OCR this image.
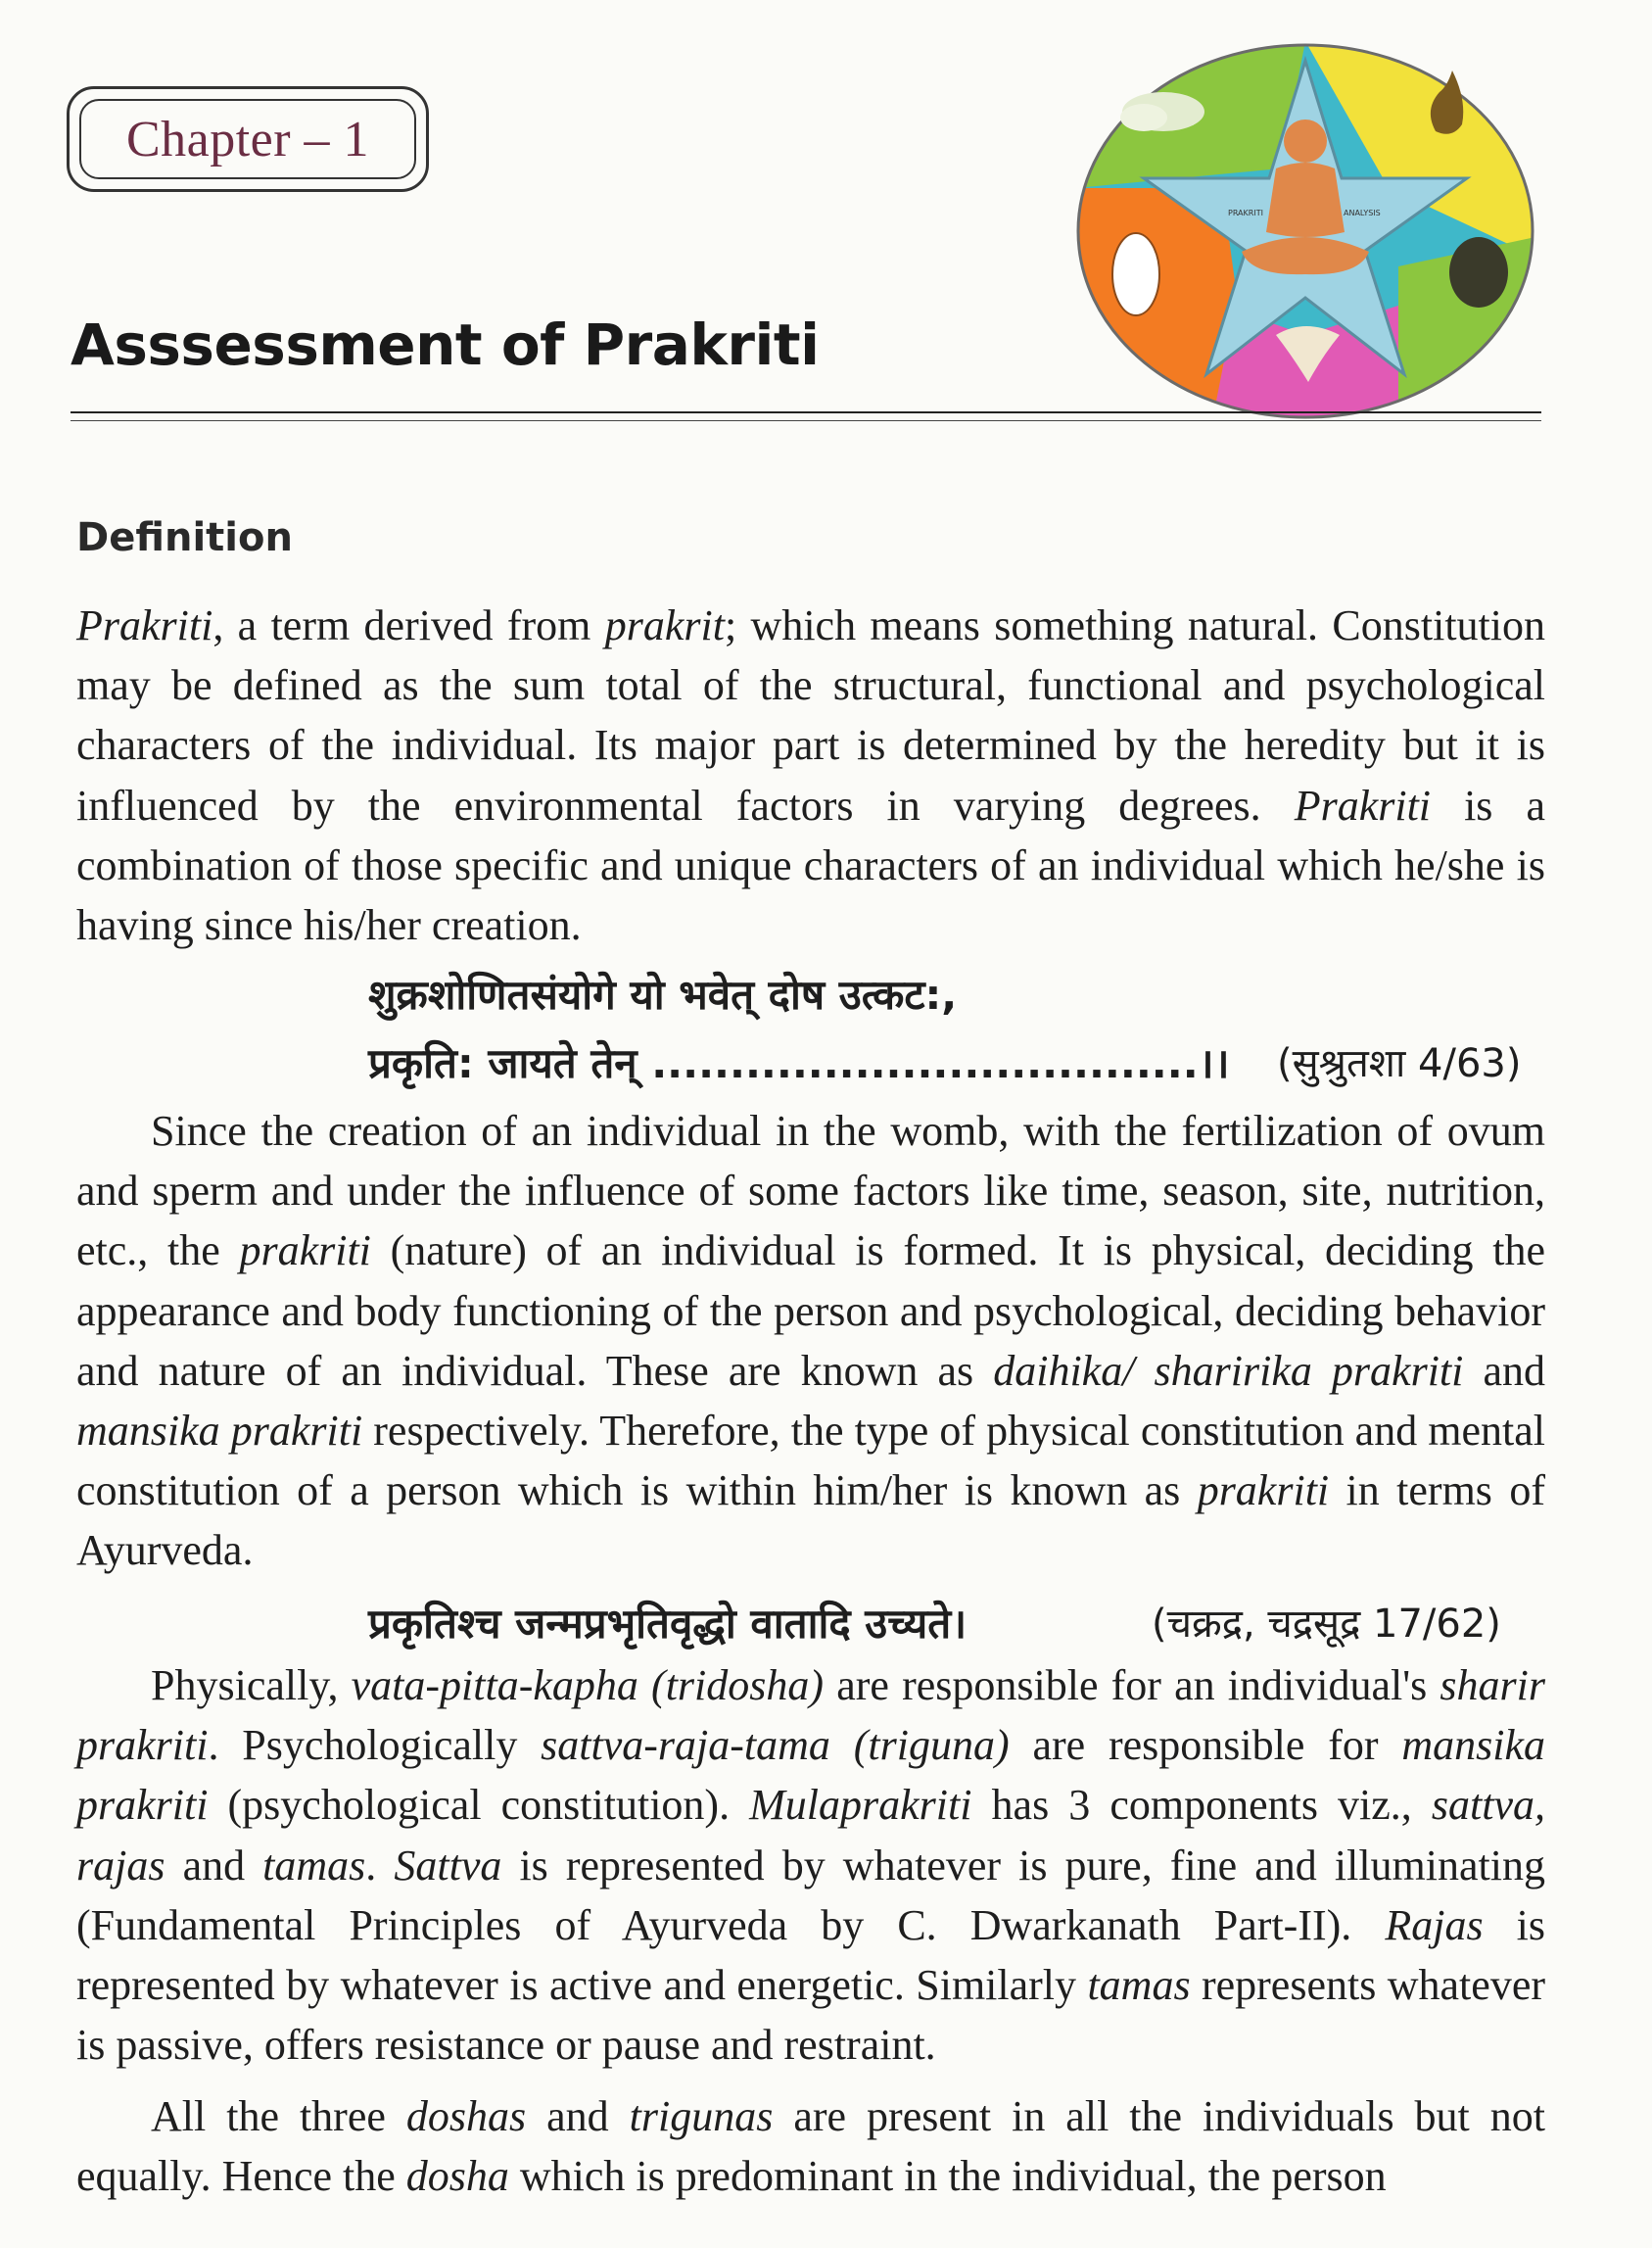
Chapter – 1
PRAKRITI	ANALYSIS
Asssessment of Prakriti
Definition

Prakriti, a term derived from prakrit; which means something natural. Constitution may be defined as the sum total of the structural, functional and psychological characters of the individual. Its major part is determined by the heredity but it is influenced by the environmental factors in varying degrees. Prakriti is a combination of those specific and unique characters of an individual which he/she is having since his/her creation.

शुक्रशोणितसंयोगे यो भवेत् दोष उत्कट:,
प्रकृति: जायते तेन् ...................................।। (सुश्रुतशा 4/63)

Since the creation of an individual in the womb, with the fertilization of ovum and sperm and under the influence of some factors like time, season, site, nutrition, etc., the prakriti (nature) of an individual is formed. It is physical, deciding the appearance and body functioning of the person and psychological, deciding behavior and nature of an individual. These are known as daihika/ sharirika prakriti and mansika prakriti respectively. Therefore, the type of physical constitution and mental constitution of a person which is within him/her is known as prakriti in terms of Ayurveda.

प्रकृतिश्च जन्मप्रभृतिवृद्धो वातादि उच्यते।	(चक्रद्र, चद्रसूद्र 17/62)

Physically, vata-pitta-kapha (tridosha) are responsible for an individual's sharir prakriti. Psychologically sattva-raja-tama (triguna) are responsible for mansika prakriti (psychological constitution). Mulaprakriti has 3 components viz., sattva, rajas and tamas. Sattva is represented by whatever is pure, fine and illuminating (Fundamental Principles of Ayurveda by C. Dwarkanath Part-II). Rajas is represented by whatever is active and energetic. Similarly tamas represents whatever is passive, offers resistance or pause and restraint.

All the three doshas and trigunas are present in all the individuals but not equally. Hence the dosha which is predominant in the individual, the person
